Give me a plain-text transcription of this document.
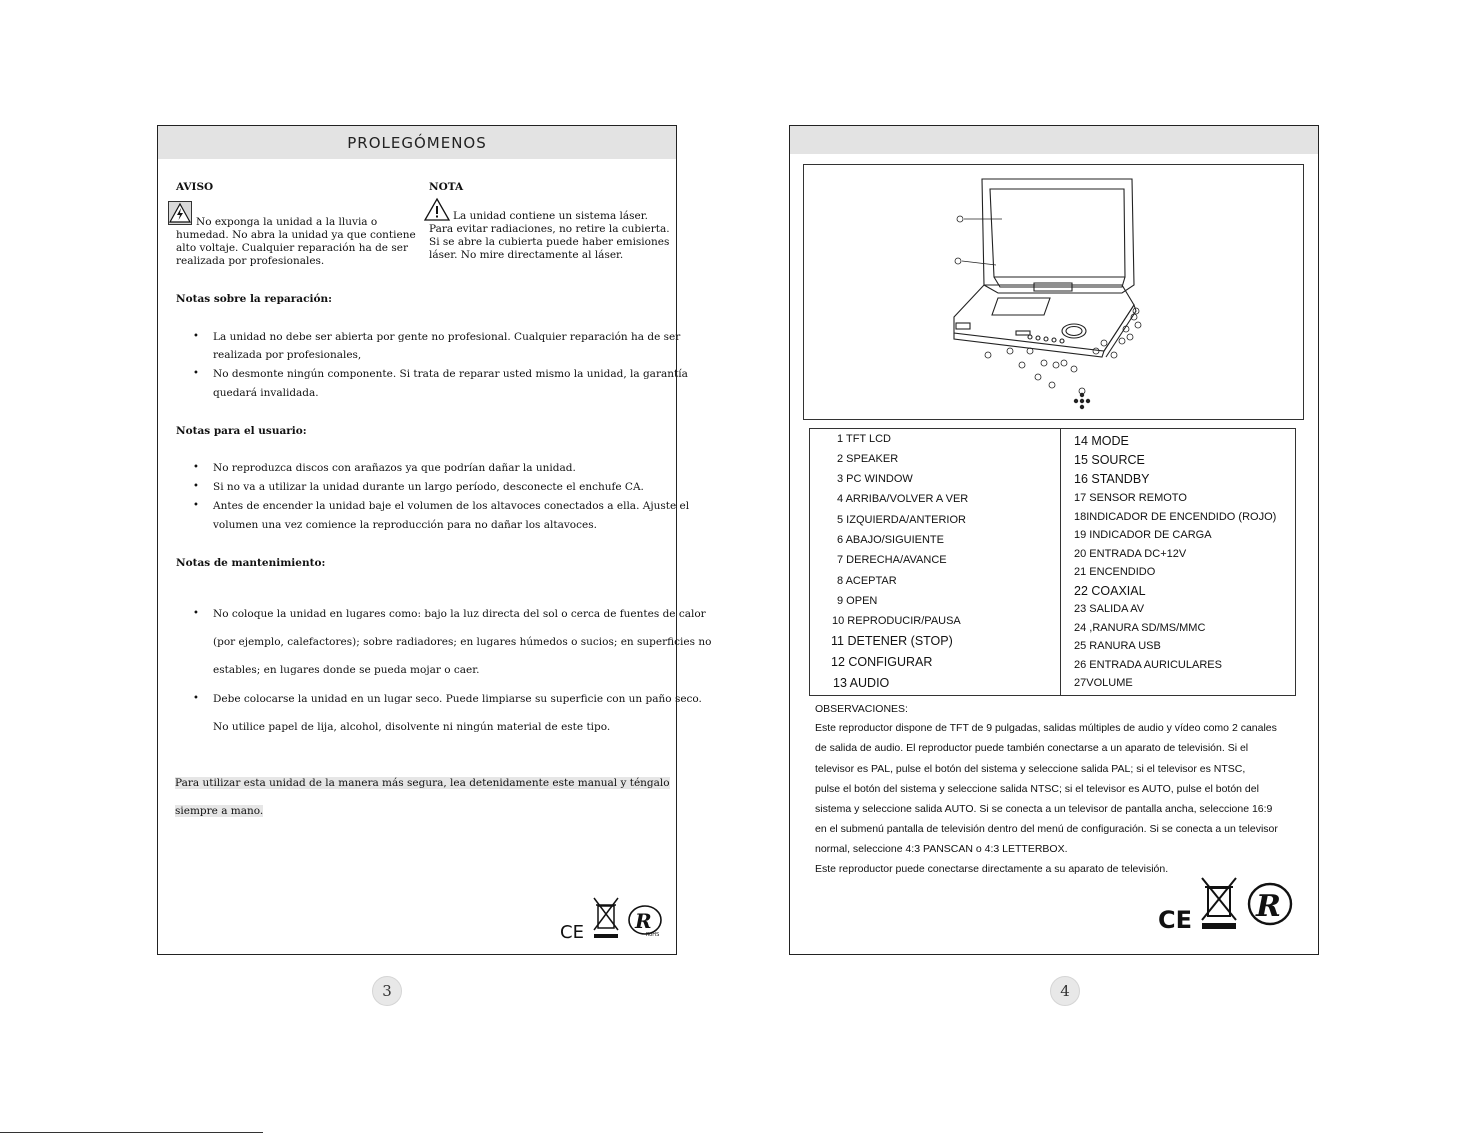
PROLEGÓMENOS
AVISO
No exponga la unidad a la lluvia o
humedad. No abra la unidad ya que contiene
alto voltaje. Cualquier reparación ha de ser
realizada por profesionales.
NOTA
La unidad contiene un sistema láser.
Para evitar radiaciones, no retire la cubierta.
Si se abre la cubierta puede haber emisiones
láser. No mire directamente al láser.
Notas sobre la reparación:
• La unidad no debe ser abierta por gente no profesional. Cualquier reparación ha de ser
realizada por profesionales,
• No desmonte ningún componente. Si trata de reparar usted mismo la unidad, la garantía
quedará invalidada.
Notas para el usuario:
• No reproduzca discos con arañazos ya que podrían dañar la unidad.
• Si no va a utilizar la unidad durante un largo período, desconecte el enchufe CA.
• Antes de encender la unidad baje el volumen de los altavoces conectados a ella. Ajuste el
volumen una vez comience la reproducción para no dañar los altavoces.
Notas de mantenimiento:
• No coloque la unidad en lugares como: bajo la luz directa del sol o cerca de fuentes de calor
(por ejemplo, calefactores); sobre radiadores; en lugares húmedos o sucios; en superficies no
estables; en lugares donde se pueda mojar o caer.
• Debe colocarse la unidad en un lugar seco. Puede limpiarse su superficie con un paño seco.
No utilice papel de lija, alcohol, disolvente ni ningún material de este tipo.
Para utilizar esta unidad de la manera más segura, lea detenidamente este manual y téngalo
siempre a mano.
CE	R
RoHS
3
1 TFT LCD
2 SPEAKER
3 PC WINDOW
4 ARRIBA/VOLVER A VER
5 IZQUIERDA/ANTERIOR
6 ABAJO/SIGUIENTE
7 DERECHA/AVANCE
8 ACEPTAR
9 OPEN
10 REPRODUCIR/PAUSA
11 DETENER (STOP)
12 CONFIGURAR
13 AUDIO
14 MODE
15 SOURCE
16 STANDBY
17 SENSOR REMOTO
18INDICADOR DE ENCENDIDO (ROJO)
19 INDICADOR DE CARGA
20 ENTRADA DC+12V
21 ENCENDIDO
22 COAXIAL
23 SALIDA AV
24 ,RANURA SD/MS/MMC
25 RANURA USB
26 ENTRADA AURICULARES
27VOLUME
OBSERVACIONES:
Este reproductor dispone de TFT de 9 pulgadas, salidas múltiples de audio y vídeo como 2 canales
de salida de audio. El reproductor puede también conectarse a un aparato de televisión. Si el
televisor es PAL, pulse el botón del sistema y seleccione salida PAL; si el televisor es NTSC,
pulse el botón del sistema y seleccione salida NTSC; si el televisor es AUTO, pulse el botón del
sistema y seleccione salida AUTO. Si se conecta a un televisor de pantalla ancha, seleccione 16:9
en el submenú pantalla de televisión dentro del menú de configuración. Si se conecta a un televisor
normal, seleccione 4:3 PANSCAN o 4:3 LETTERBOX.
Este reproductor puede conectarse directamente a su aparato de televisión.
CE R
4
